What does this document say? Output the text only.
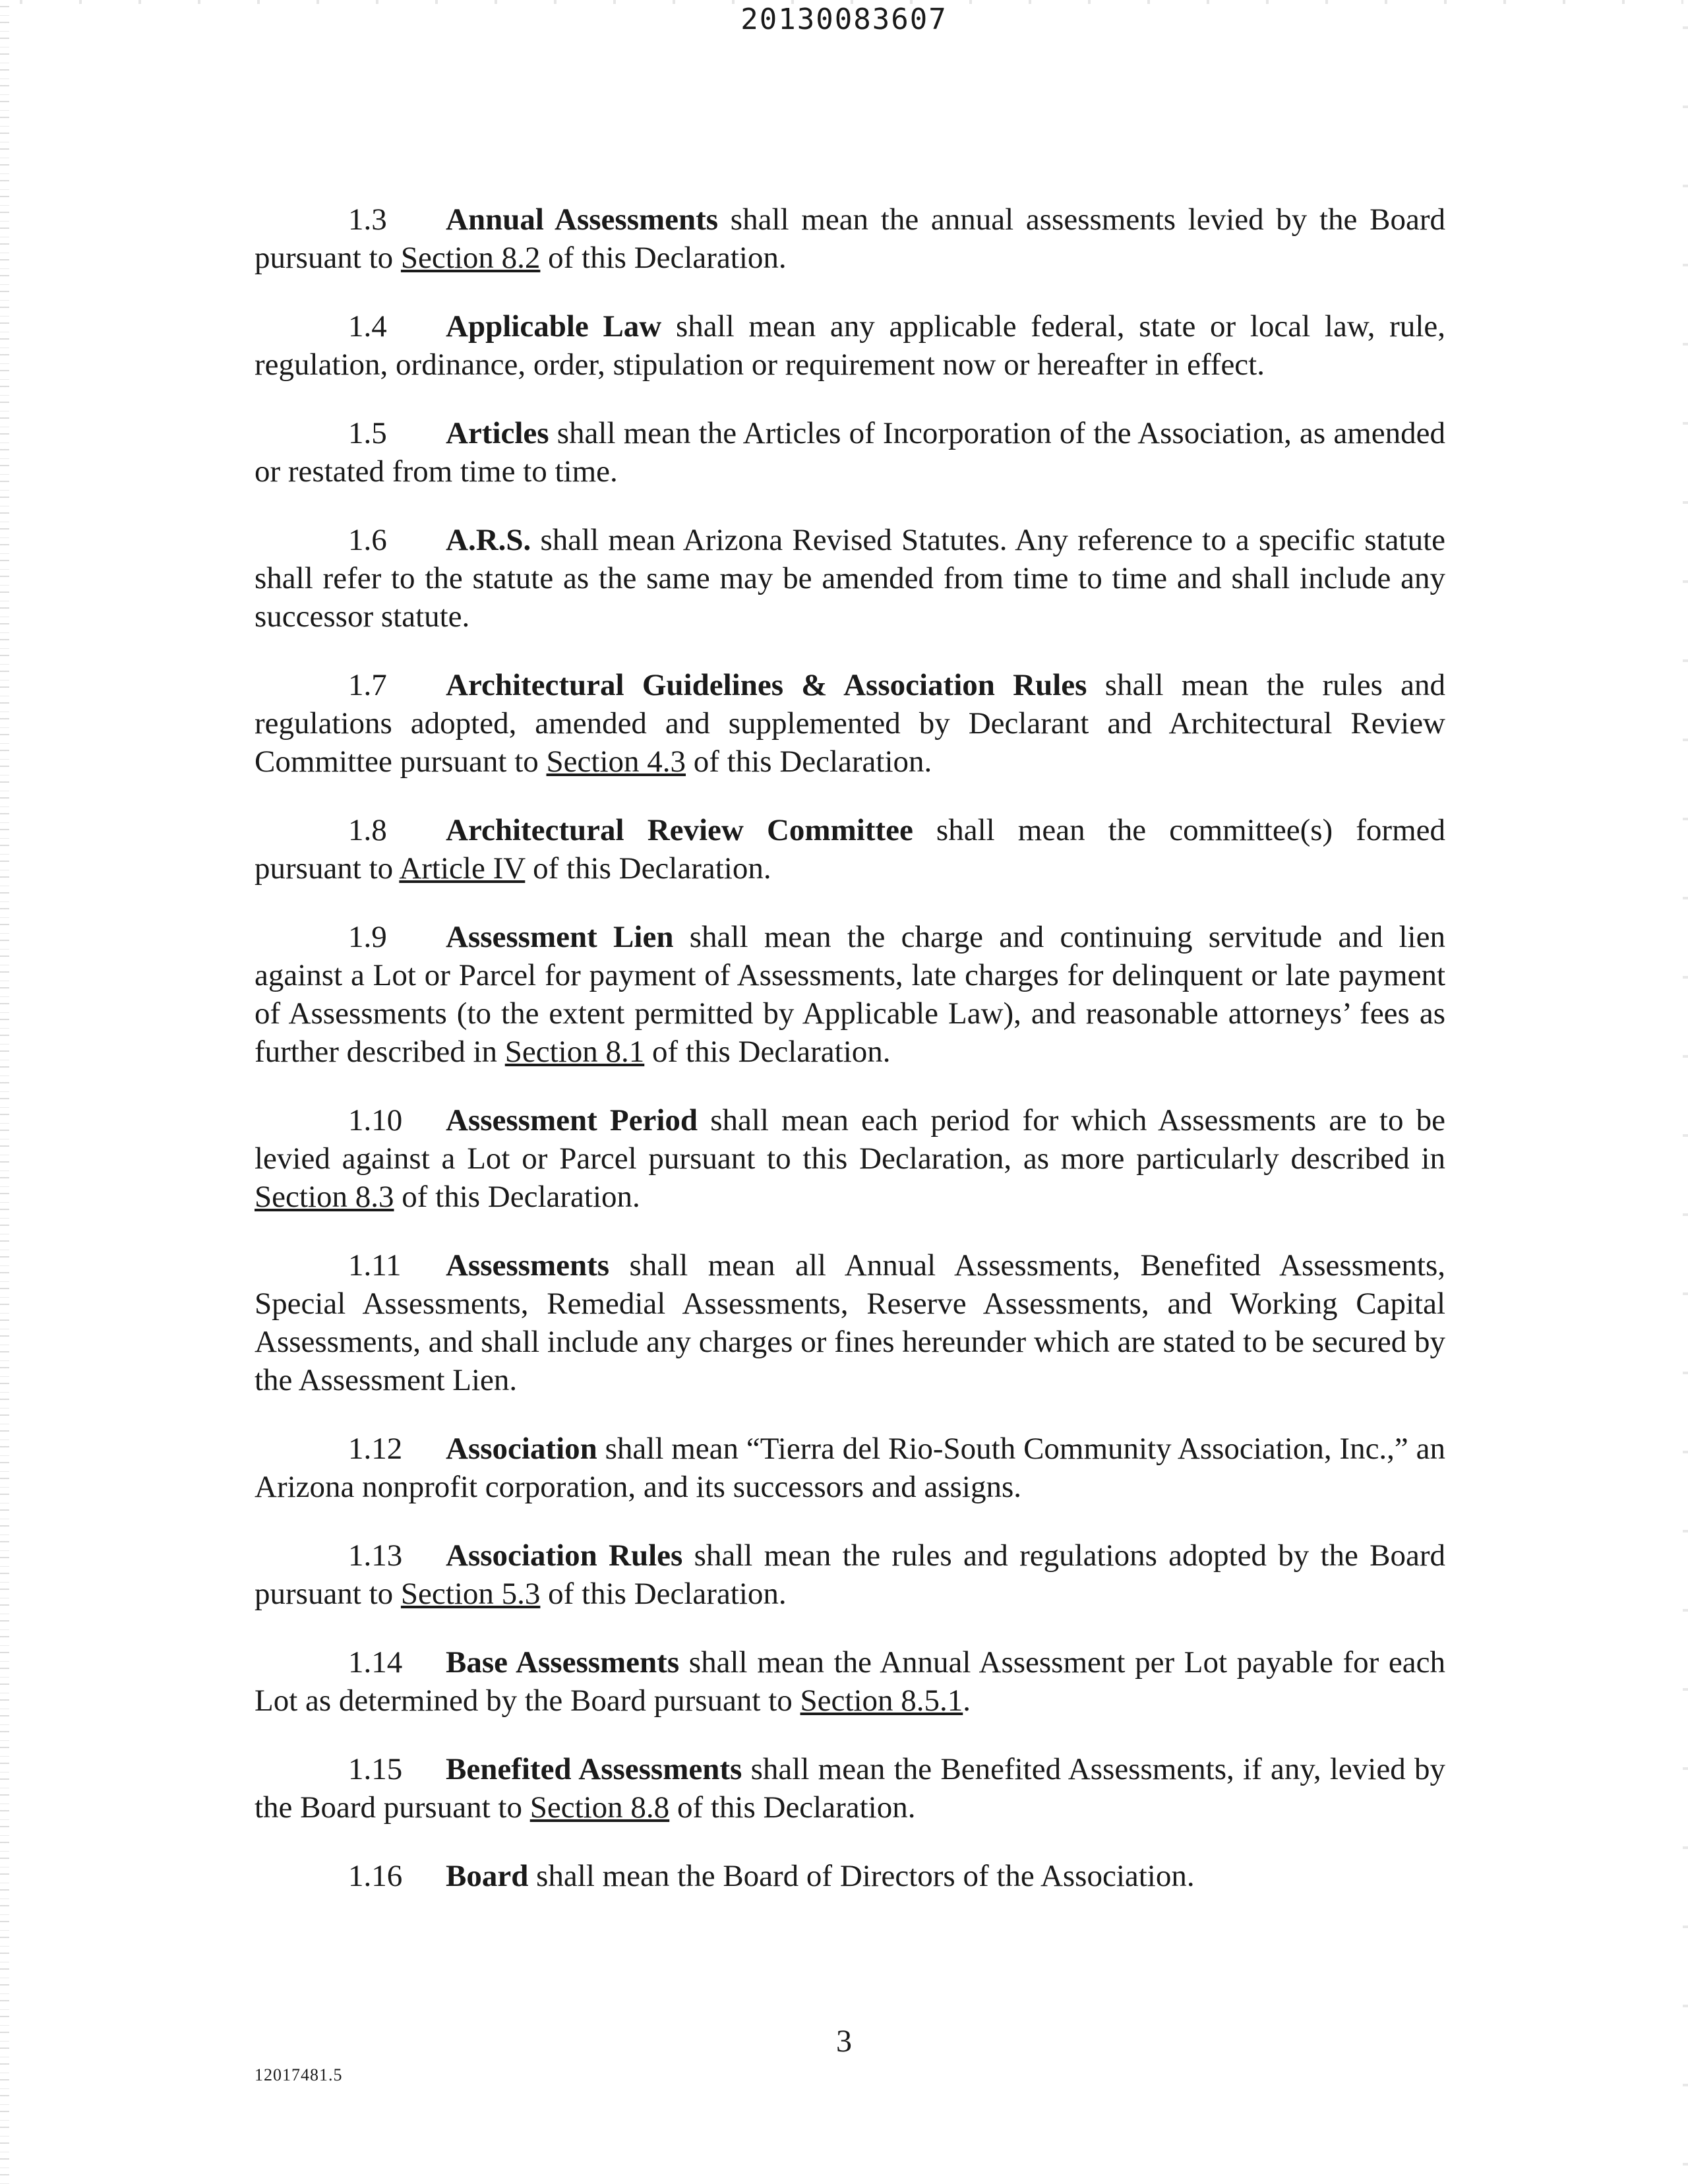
20130083607

1.3 Annual Assessments shall mean the annual assessments levied by the Board pursuant to Section 8.2 of this Declaration.

1.4 Applicable Law shall mean any applicable federal, state or local law, rule, regulation, ordinance, order, stipulation or requirement now or hereafter in effect.

1.5 Articles shall mean the Articles of Incorporation of the Association, as amended or restated from time to time.

1.6 A.R.S. shall mean Arizona Revised Statutes. Any reference to a specific statute shall refer to the statute as the same may be amended from time to time and shall include any successor statute.

1.7 Architectural Guidelines & Association Rules shall mean the rules and regulations adopted, amended and supplemented by Declarant and Architectural Review Committee pursuant to Section 4.3 of this Declaration.

1.8 Architectural Review Committee shall mean the committee(s) formed pursuant to Article IV of this Declaration.

1.9 Assessment Lien shall mean the charge and continuing servitude and lien against a Lot or Parcel for payment of Assessments, late charges for delinquent or late payment of Assessments (to the extent permitted by Applicable Law), and reasonable attorneys’ fees as further described in Section 8.1 of this Declaration.

1.10 Assessment Period shall mean each period for which Assessments are to be levied against a Lot or Parcel pursuant to this Declaration, as more particularly described in Section 8.3 of this Declaration.

1.11 Assessments shall mean all Annual Assessments, Benefited Assessments, Special Assessments, Remedial Assessments, Reserve Assessments, and Working Capital Assessments, and shall include any charges or fines hereunder which are stated to be secured by the Assessment Lien.

1.12 Association shall mean “Tierra del Rio-South Community Association, Inc.,” an Arizona nonprofit corporation, and its successors and assigns.

1.13 Association Rules shall mean the rules and regulations adopted by the Board pursuant to Section 5.3 of this Declaration.

1.14 Base Assessments shall mean the Annual Assessment per Lot payable for each Lot as determined by the Board pursuant to Section 8.5.1.

1.15 Benefited Assessments shall mean the Benefited Assessments, if any, levied by the Board pursuant to Section 8.8 of this Declaration.

1.16 Board shall mean the Board of Directors of the Association.

3
12017481.5
